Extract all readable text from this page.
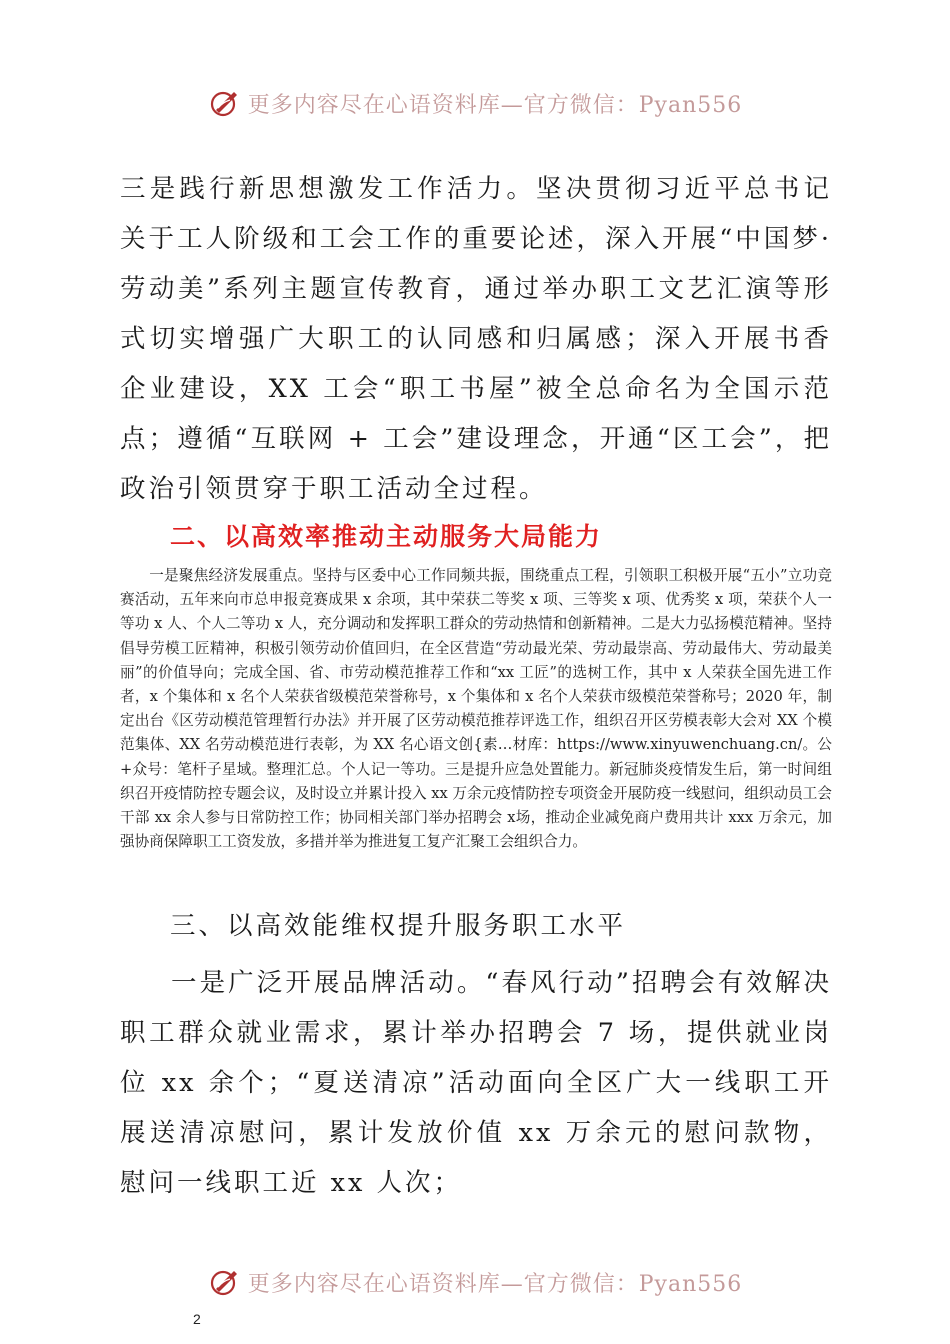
更多内容尽在心语资料库—官方微信：Pyan556

三是践行新思想激发工作活力。坚决贯彻习近平总书记关于工人阶级和工会工作的重要论述，深入开展“中国梦·劳动美”系列主题宣传教育，通过举办职工文艺汇演等形式切实增强广大职工的认同感和归属感；深入开展书香企业建设，XX 工会“职工书屋”被全总命名为全国示范点；遵循“互联网 + 工会”建设理念，开通“区工会”，把政治引领贯穿于职工活动全过程。

二、以高效率推动主动服务大局能力

一是聚焦经济发展重点。坚持与区委中心工作同频共振，围绕重点工程，引领职工积极开展“五小”立功竞赛活动，五年来向市总申报竞赛成果 x 余项，其中荣获二等奖 x 项、三等奖 x 项、优秀奖 x 项，荣获个人一等功 x 人、个人二等功 x 人，充分调动和发挥职工群众的劳动热情和创新精神。二是大力弘扬模范精神。坚持倡导劳模工匠精神，积极引领劳动价值回归，在全区营造“劳动最光荣、劳动最崇高、劳动最伟大、劳动最美丽”的价值导向；完成全国、省、市劳动模范推荐工作和“xx 工匠”的选树工作，其中 x 人荣获全国先进工作者，x 个集体和 x 名个人荣获省级模范荣誉称号，x 个集体和 x 名个人荣获市级模范荣誉称号；2020 年，制定出台《区劳动模范管理暂行办法》并开展了区劳动模范推荐评选工作，组织召开区劳模表彰大会对 XX 个模范集体、XX 名劳动模范进行表彰，为 XX 名心语文创{素…材库：https://www.xinyuwenchuang.cn/。公+众号：笔杆子星域。整理汇总。个人记一等功。三是提升应急处置能力。新冠肺炎疫情发生后，第一时间组织召开疫情防控专题会议，及时设立并累计投入 xx 万余元疫情防控专项资金开展防疫一线慰问，组织动员工会干部 xx 余人参与日常防控工作；协同相关部门举办招聘会 x场，推动企业减免商户费用共计 xxx 万余元，加强协商保障职工工资发放，多措并举为推进复工复产汇聚工会组织合力。

三、以高效能维权提升服务职工水平

一是广泛开展品牌活动。“春风行动”招聘会有效解决职工群众就业需求，累计举办招聘会 7 场，提供就业岗位 xx 余个；“夏送清凉”活动面向全区广大一线职工开展送清凉慰问，累计发放价值 xx 万余元的慰问款物，慰问一线职工近 xx 人次；

更多内容尽在心语资料库—官方微信：Pyan556
2
